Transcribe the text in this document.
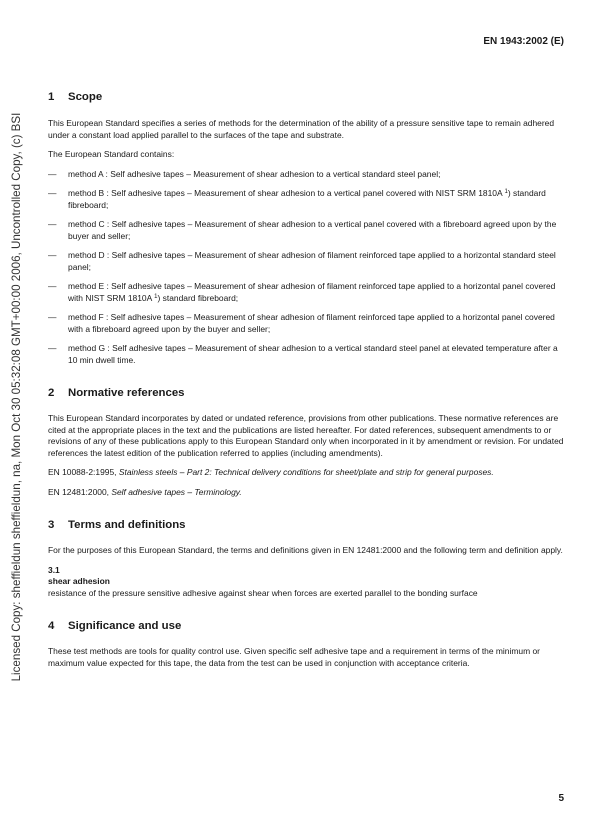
Licensed Copy: sheffieldun sheffieldun, na, Mon Oct 30 05:32:08 GMT+00:00 2006, Uncontrolled Copy, (c) BSI
EN 1943:2002 (E)
1 Scope

This European Standard specifies a series of methods for the determination of the ability of a pressure sensitive tape to remain adhered under a constant load applied parallel to the surfaces of the tape and substrate.

The European Standard contains:

— method A : Self adhesive tapes – Measurement of shear adhesion to a vertical standard steel panel;
— method B : Self adhesive tapes – Measurement of shear adhesion to a vertical panel covered with NIST SRM 1810A $^1$) standard fibreboard;
— method C : Self adhesive tapes – Measurement of shear adhesion to a vertical panel covered with a fibreboard agreed upon by the buyer and seller;
— method D : Self adhesive tapes – Measurement of shear adhesion of filament reinforced tape applied to a horizontal standard steel panel;
— method E : Self adhesive tapes – Measurement of shear adhesion of filament reinforced tape applied to a horizontal panel covered with NIST SRM 1810A $^1$) standard fibreboard;
— method F : Self adhesive tapes – Measurement of shear adhesion of filament reinforced tape applied to a horizontal panel covered with a fibreboard agreed upon by the buyer and seller;
— method G : Self adhesive tapes – Measurement of shear adhesion to a vertical standard steel panel at elevated temperature after a 10 min dwell time.
2 Normative references

This European Standard incorporates by dated or undated reference, provisions from other publications. These normative references are cited at the appropriate places in the text and the publications are listed hereafter. For dated references, subsequent amendments to or revisions of any of these publications apply to this European Standard only when incorporated in it by amendment or revision. For undated references the latest edition of the publication referred to applies (including amendments).

EN 10088-2:1995, Stainless steels – Part 2: Technical delivery conditions for sheet/plate and strip for general purposes.

EN 12481:2000, Self adhesive tapes – Terminology.

3 Terms and definitions

For the purposes of this European Standard, the terms and definitions given in EN 12481:2000 and the following term and definition apply.

3.1

shear adhesion

resistance of the pressure sensitive adhesive against shear when forces are exerted parallel to the bonding surface

4 Significance and use

These test methods are tools for quality control use. Given specific self adhesive tape and a requirement in terms of the minimum or maximum value expected for this tape, the data from the test can be used in conjunction with acceptance criteria.

5
